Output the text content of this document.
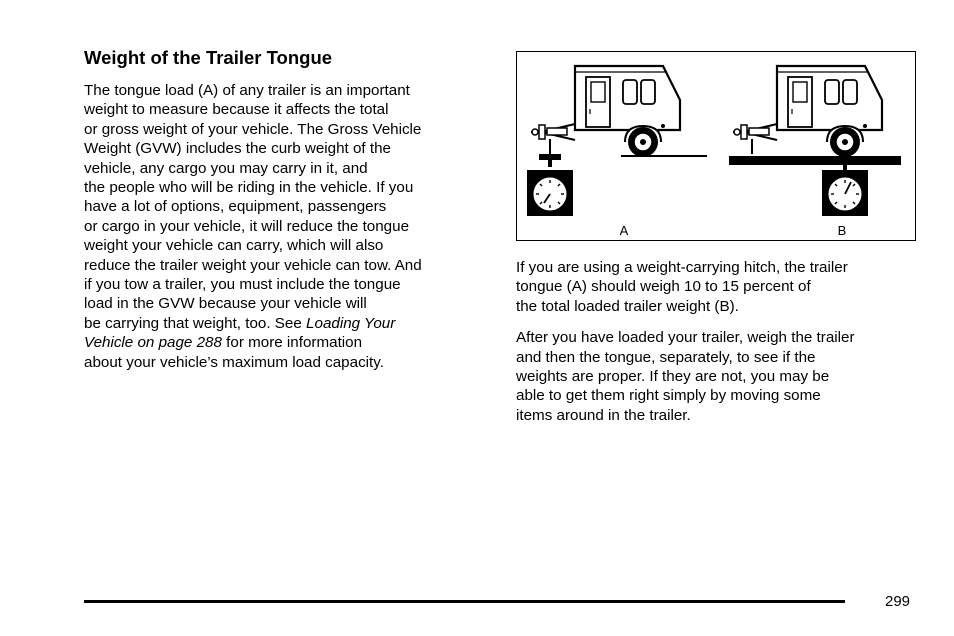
Weight of the Trailer Tongue

The tongue load (A) of any trailer is an important
weight to measure because it affects the total
or gross weight of your vehicle. The Gross Vehicle
Weight (GVW) includes the curb weight of the
vehicle, any cargo you may carry in it, and
the people who will be riding in the vehicle. If you
have a lot of options, equipment, passengers
or cargo in your vehicle, it will reduce the tongue
weight your vehicle can carry, which will also
reduce the trailer weight your vehicle can tow. And
if you tow a trailer, you must include the tongue
load in the GVW because your vehicle will
be carrying that weight, too. See Loading Your
Vehicle on page 288 for more information
about your vehicle’s maximum load capacity.

A	B

If you are using a weight-carrying hitch, the trailer
tongue (A) should weigh 10 to 15 percent of
the total loaded trailer weight (B).

After you have loaded your trailer, weigh the trailer
and then the tongue, separately, to see if the
weights are proper. If they are not, you may be
able to get them right simply by moving some
items around in the trailer.

299
